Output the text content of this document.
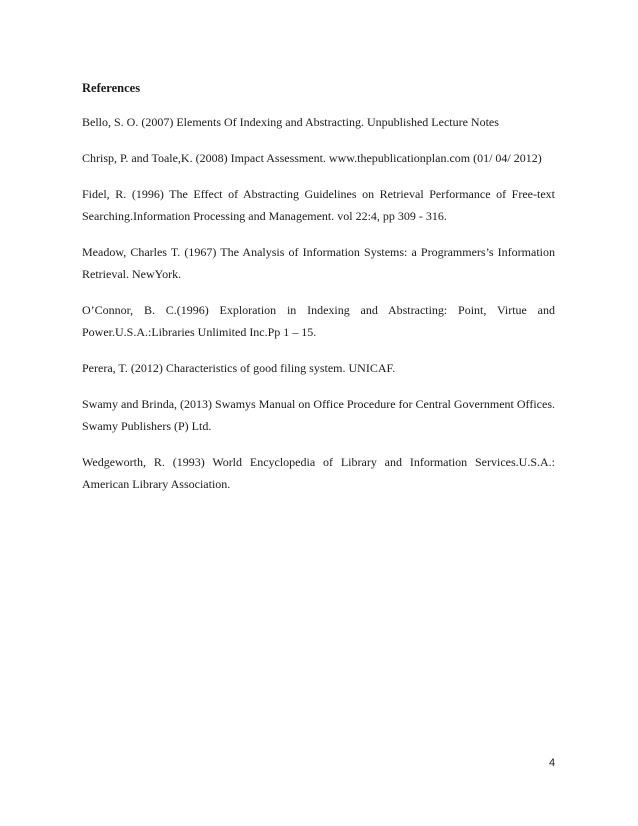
References

Bello, S. O. (2007) Elements Of Indexing and Abstracting. Unpublished Lecture Notes

Chrisp, P. and Toale,K. (2008) Impact Assessment. www.thepublicationplan.com (01/ 04/ 2012)

Fidel, R. (1996) The Effect of Abstracting Guidelines on Retrieval Performance of Free-text Searching.Information Processing and Management. vol 22:4, pp 309 - 316.

Meadow, Charles T. (1967) The Analysis of Information Systems: a Programmers’s Information Retrieval. NewYork.

O’Connor, B. C.(1996) Exploration in Indexing and Abstracting: Point, Virtue and Power.U.S.A.:Libraries Unlimited Inc.Pp 1 – 15.

Perera, T. (2012) Characteristics of good filing system. UNICAF.

Swamy and Brinda, (2013) Swamys Manual on Office Procedure for Central Government Offices. Swamy Publishers (P) Ltd.

Wedgeworth, R. (1993) World Encyclopedia of Library and Information Services.U.S.A.: American Library Association.

4
